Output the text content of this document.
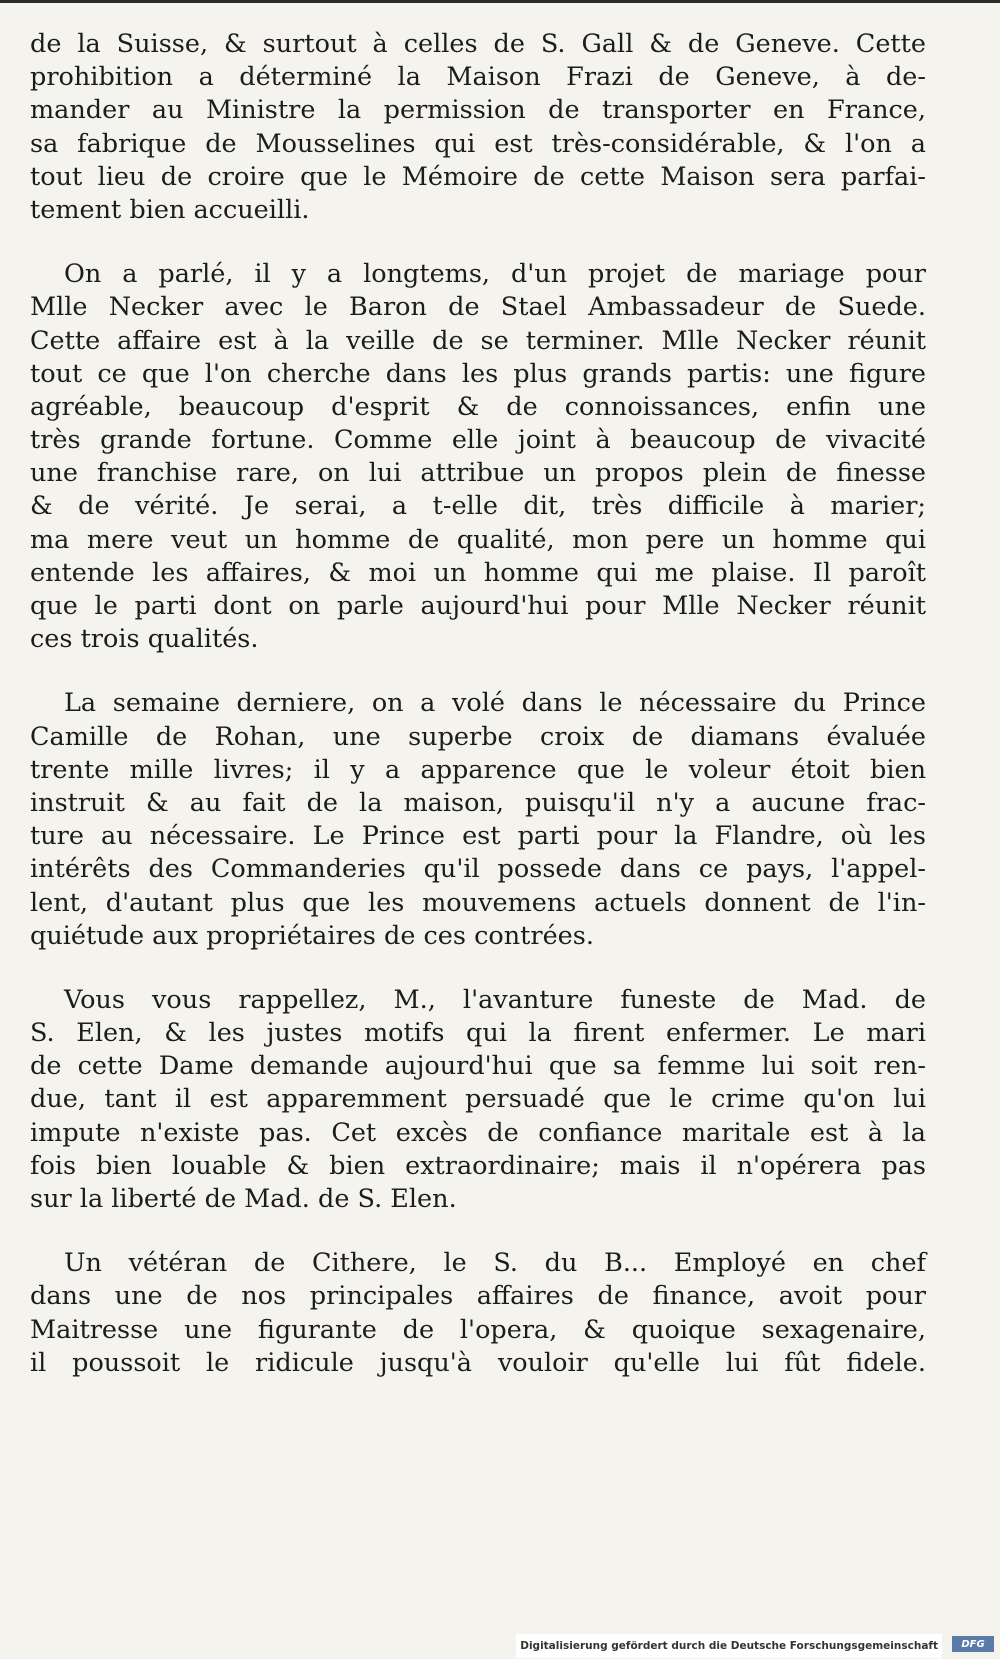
de la Suisse, & surtout à celles de S. Gall & de Geneve. Cette
prohibition a déterminé la Maison Frazi de Geneve, à de-
mander au Ministre la permission de transporter en France,
sa fabrique de Mousselines qui est très-considérable, & l'on a
tout lieu de croire que le Mémoire de cette Maison sera parfai-
tement bien accueilli.
On a parlé, il y a longtems, d'un projet de mariage pour
Mlle Necker avec le Baron de Stael Ambassadeur de Suede.
Cette affaire est à la veille de se terminer. Mlle Necker réunit
tout ce que l'on cherche dans les plus grands partis: une figure
agréable, beaucoup d'esprit & de connoissances, enfin une
très grande fortune. Comme elle joint à beaucoup de vivacité
une franchise rare, on lui attribue un propos plein de finesse
& de vérité. Je serai, a t-elle dit, très difficile à marier;
ma mere veut un homme de qualité, mon pere un homme qui
entende les affaires, & moi un homme qui me plaise. Il paroît
que le parti dont on parle aujourd'hui pour Mlle Necker réunit
ces trois qualités.
La semaine derniere, on a volé dans le nécessaire du Prince
Camille de Rohan, une superbe croix de diamans évaluée
trente mille livres; il y a apparence que le voleur étoit bien
instruit & au fait de la maison, puisqu'il n'y a aucune frac-
ture au nécessaire. Le Prince est parti pour la Flandre, où les
intérêts des Commanderies qu'il possede dans ce pays, l'appel-
lent, d'autant plus que les mouvemens actuels donnent de l'in-
quiétude aux propriétaires de ces contrées.
Vous vous rappellez, M., l'avanture funeste de Mad. de
S. Elen, & les justes motifs qui la firent enfermer. Le mari
de cette Dame demande aujourd'hui que sa femme lui soit ren-
due, tant il est apparemment persuadé que le crime qu'on lui
impute n'existe pas. Cet excès de confiance maritale est à la
fois bien louable & bien extraordinaire; mais il n'opérera pas
sur la liberté de Mad. de S. Elen.
Un vétéran de Cithere, le S. du B... Employé en chef
dans une de nos principales affaires de finance, avoit pour
Maitresse une figurante de l'opera, & quoique sexagenaire,
il poussoit le ridicule jusqu'à vouloir qu'elle lui fût fidele.
Digitalisierung gefördert durch die Deutsche Forschungsgemeinschaft DFG
